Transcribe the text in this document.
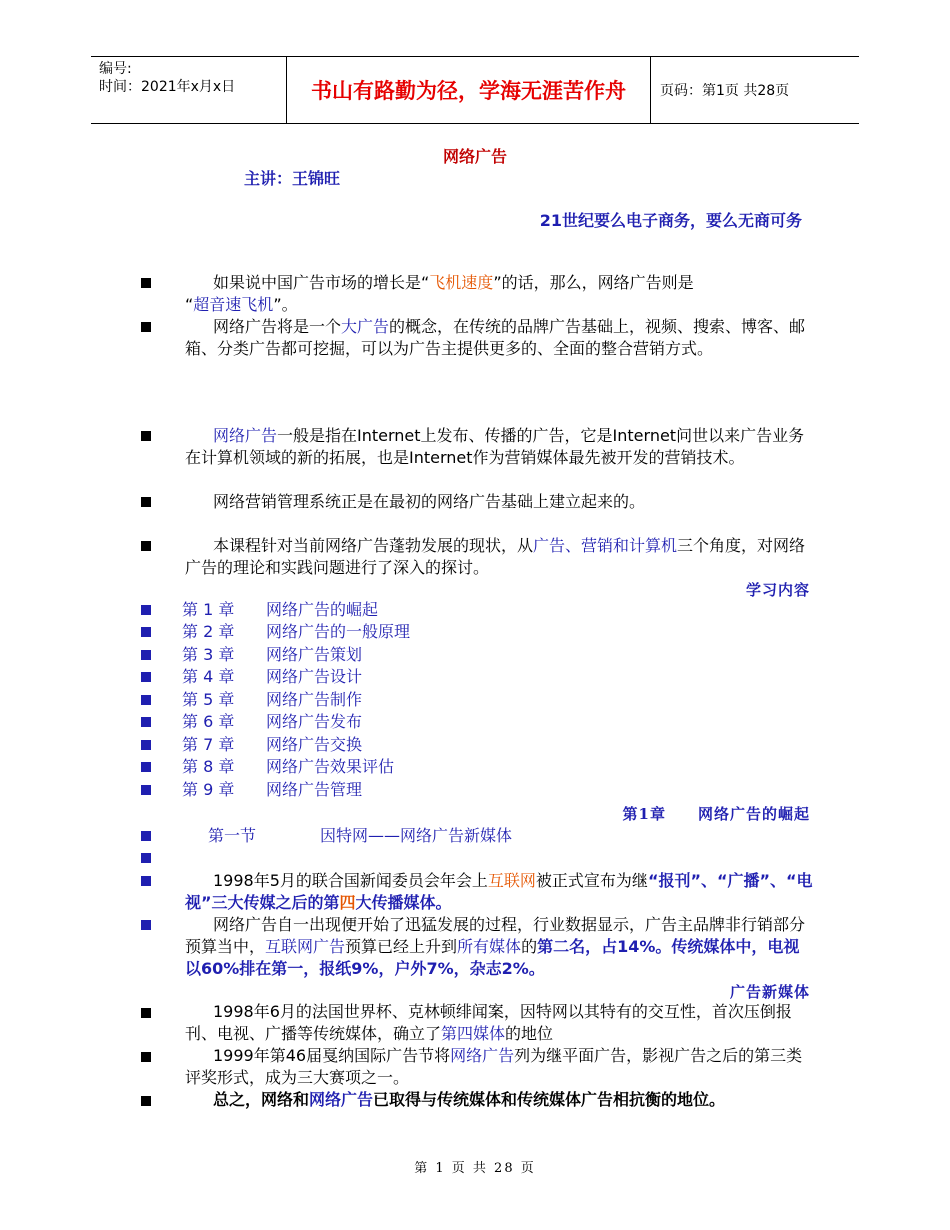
编号:
时间：2021年x月x日	书山有路勤为径，学海无涯苦作舟	页码：第1页 共28页
网络广告
主讲：王锦旺
21世纪要么电子商务，要么无商可务
如果说中国广告市场的增长是“飞机速度”的话，那么，网络广告则是
“超音速飞机”。
网络广告将是一个大广告的概念，在传统的品牌广告基础上，视频、搜索、博客、邮箱、分类广告都可挖掘，可以为广告主提供更多的、全面的整合营销方式。
网络广告一般是指在Internet上发布、传播的广告，它是Internet问世以来广告业务在计算机领域的新的拓展，也是Internet作为营销媒体最先被开发的营销技术。
网络营销管理系统正是在最初的网络广告基础上建立起来的。
本课程针对当前网络广告蓬勃发展的现状，从广告、营销和计算机三个角度，对网络广告的理论和实践问题进行了深入的探讨。
学习内容
第 1 章 网络广告的崛起
第 2 章 网络广告的一般原理
第 3 章 网络广告策划
第 4 章 网络广告设计
第 5 章 网络广告制作
第 6 章 网络广告发布
第 7 章 网络广告交换
第 8 章 网络广告效果评估
第 9 章 网络广告管理
第1章　　网络广告的崛起
第一节	因特网——网络广告新媒体
1998年5月的联合国新闻委员会年会上互联网被正式宣布为继“报刊”、“广播”、“电视”三大传媒之后的第四大传播媒体。
网络广告自一出现便开始了迅猛发展的过程，行业数据显示，广告主品牌非行销部分预算当中，互联网广告预算已经上升到所有媒体的第二名，占14%。传统媒体中，电视以60%排在第一，报纸9%，户外7%，杂志2%。
广告新媒体
1998年6月的法国世界杯、克林顿绯闻案，因特网以其特有的交互性，首次压倒报刊、电视、广播等传统媒体，确立了第四媒体的地位
1999年第46届戛纳国际广告节将网络广告列为继平面广告，影视广告之后的第三类评奖形式，成为三大赛项之一。
总之，网络和网络广告已取得与传统媒体和传统媒体广告相抗衡的地位。
第 1 页 共 28 页
